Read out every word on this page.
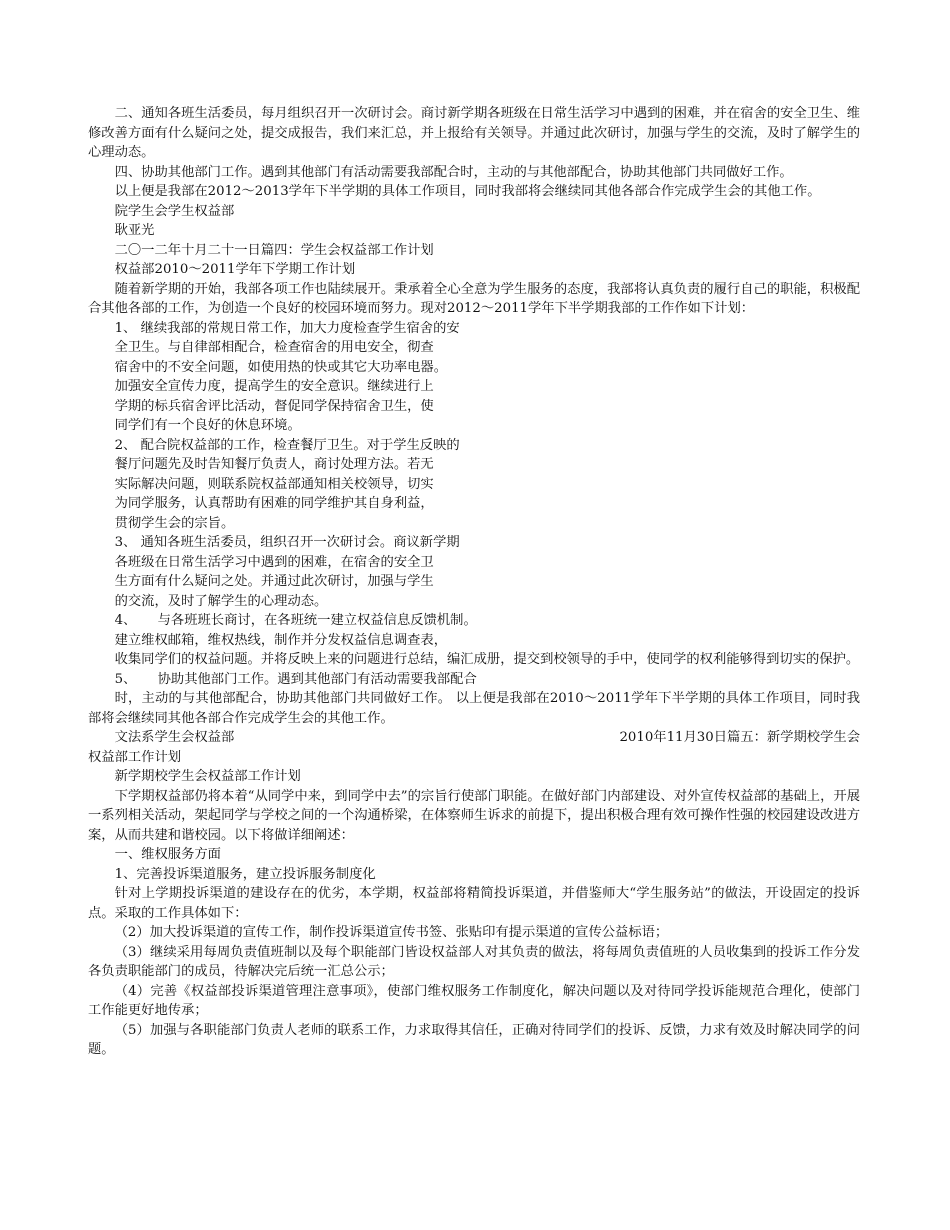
二、通知各班生活委员，每月组织召开一次研讨会。商讨新学期各班级在日常生活学习中遇到的困难，并在宿舍的安全卫生、维修改善方面有什么疑问之处，提交成报告，我们来汇总，并上报给有关领导。并通过此次研讨，加强与学生的交流，及时了解学生的心理动态。

四、协助其他部门工作。遇到其他部门有活动需要我部配合时，主动的与其他部配合，协助其他部门共同做好工作。

以上便是我部在2012～2013学年下半学期的具体工作项目，同时我部将会继续同其他各部合作完成学生会的其他工作。

院学生会学生权益部

耿亚光

二〇一二年十月二十一日篇四：学生会权益部工作计划

权益部2010～2011学年下学期工作计划

随着新学期的开始，我部各项工作也陆续展开。秉承着全心全意为学生服务的态度，我部将认真负责的履行自己的职能，积极配合其他各部的工作，为创造一个良好的校园环境而努力。现对2012～2011学年下半学期我部的工作作如下计划：

1、 继续我部的常规日常工作，加大力度检查学生宿舍的安

全卫生。与自律部相配合，检查宿舍的用电安全，彻查

宿舍中的不安全问题，如使用热的快或其它大功率电器。

加强安全宣传力度，提高学生的安全意识。继续进行上

学期的标兵宿舍评比活动，督促同学保持宿舍卫生，使

同学们有一个良好的休息环境。

2、 配合院权益部的工作，检查餐厅卫生。对于学生反映的

餐厅问题先及时告知餐厅负责人，商讨处理方法。若无

实际解决问题，则联系院权益部通知相关校领导，切实

为同学服务，认真帮助有困难的同学维护其自身利益，

贯彻学生会的宗旨。

3、 通知各班生活委员，组织召开一次研讨会。商议新学期

各班级在日常生活学习中遇到的困难，在宿舍的安全卫

生方面有什么疑问之处。并通过此次研讨，加强与学生

的交流，及时了解学生的心理动态。

4、 与各班班长商讨，在各班统一建立权益信息反馈机制。

建立维权邮箱，维权热线，制作并分发权益信息调查表，

收集同学们的权益问题。并将反映上来的问题进行总结，编汇成册，提交到校领导的手中，使同学的权利能够得到切实的保护。

5、 协助其他部门工作。遇到其他部门有活动需要我部配合

时，主动的与其他部配合，协助其他部门共同做好工作。 以上便是我部在2010～2011学年下半学期的具体工作项目，同时我部将会继续同其他各部合作完成学生会的其他工作。

文法系学生会权益部	2010年11月30日篇五：新学期校学生会

权益部工作计划

新学期校学生会权益部工作计划

下学期权益部仍将本着“从同学中来，到同学中去”的宗旨行使部门职能。在做好部门内部建设、对外宣传权益部的基础上，开展一系列相关活动，架起同学与学校之间的一个沟通桥梁，在体察师生诉求的前提下，提出积极合理有效可操作性强的校园建设改进方案，从而共建和谐校园。以下将做详细阐述：

一、维权服务方面

1、完善投诉渠道服务，建立投诉服务制度化

针对上学期投诉渠道的建设存在的优劣，本学期，权益部将精简投诉渠道，并借鉴师大“学生服务站”的做法，开设固定的投诉点。采取的工作具体如下：

（2）加大投诉渠道的宣传工作，制作投诉渠道宣传书签、张贴印有提示渠道的宣传公益标语；

（3）继续采用每周负责值班制以及每个职能部门皆设权益部人对其负责的做法，将每周负责值班的人员收集到的投诉工作分发各负责职能部门的成员，待解决完后统一汇总公示；

（4）完善《权益部投诉渠道管理注意事项》，使部门维权服务工作制度化，解决问题以及对待同学投诉能规范合理化，使部门工作能更好地传承；

（5）加强与各职能部门负责人老师的联系工作，力求取得其信任，正确对待同学们的投诉、反馈，力求有效及时解决同学的问题。
